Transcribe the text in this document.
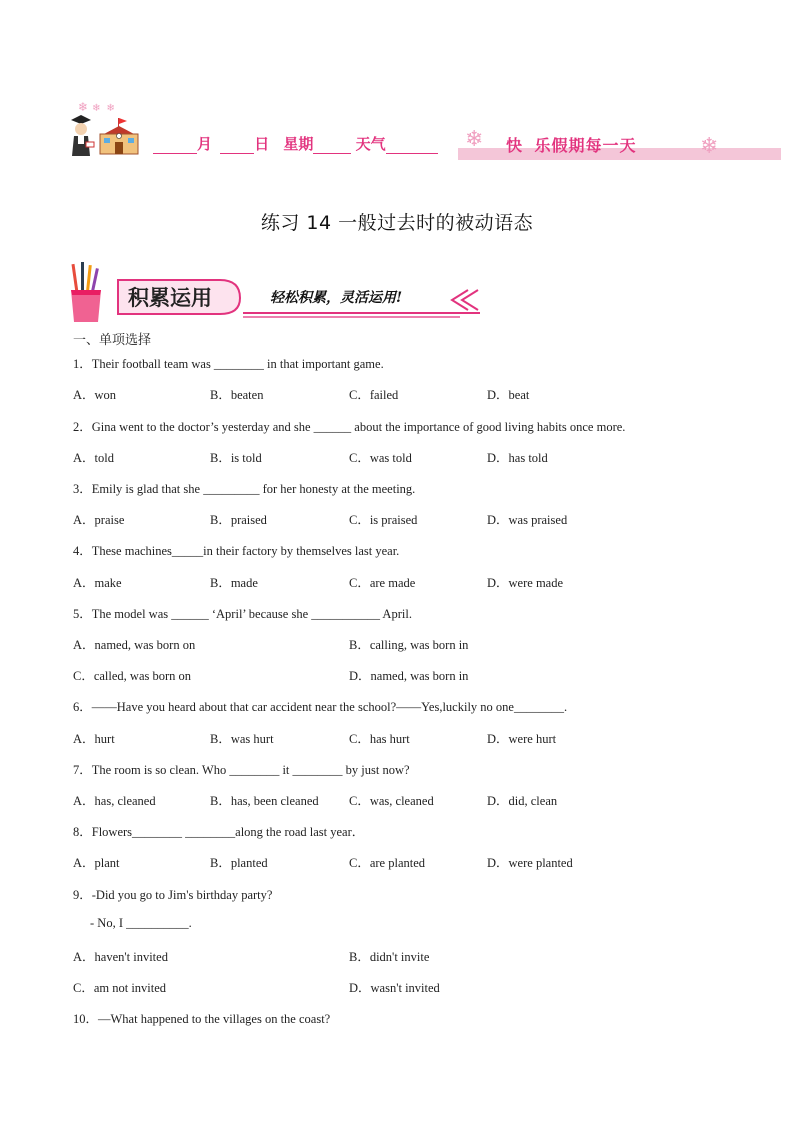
❄ ❄ ❄
月	日 星期	天气	❄ 快 乐假期每一天	❄
练习 14 一般过去时的被动语态
积累运用	轻松积累，灵活运用!
一、单项选择
1．Their football team was ________ in that important game.
A．won	B．beaten	C．failed	D．beat
2．Gina went to the doctor’s yesterday and she ______ about the importance of good living habits once more.
A．told	B．is told	C．was told	D．has told
3．Emily is glad that she _________ for her honesty at the meeting.
A．praise	B．praised	C．is praised	D．was praised
4．These machines_____in their factory by themselves last year.
A．make	B．made	C．are made	D．were made
5．The model was ______ ‘April’ because she ___________ April.
A．named, was born on	B．calling, was born in
C．called, was born on	D．named, was born in
6．——Have you heard about that car accident near the school?——Yes,luckily no one________.
A．hurt	B．was hurt	C．has hurt	D．were hurt
7．The room is so clean. Who ________ it ________ by just now?
A．has, cleaned	B．has, been cleaned C．was, cleaned	D．did, clean
8．Flowers________ ________along the road last year．
A．plant	B．planted	C．are planted	D．were planted
9．-Did you go to Jim's birthday party?
- No, I __________.
A．haven't invited	B．didn't invite
C．am not invited	D．wasn't invited
10．—What happened to the villages on the coast?
